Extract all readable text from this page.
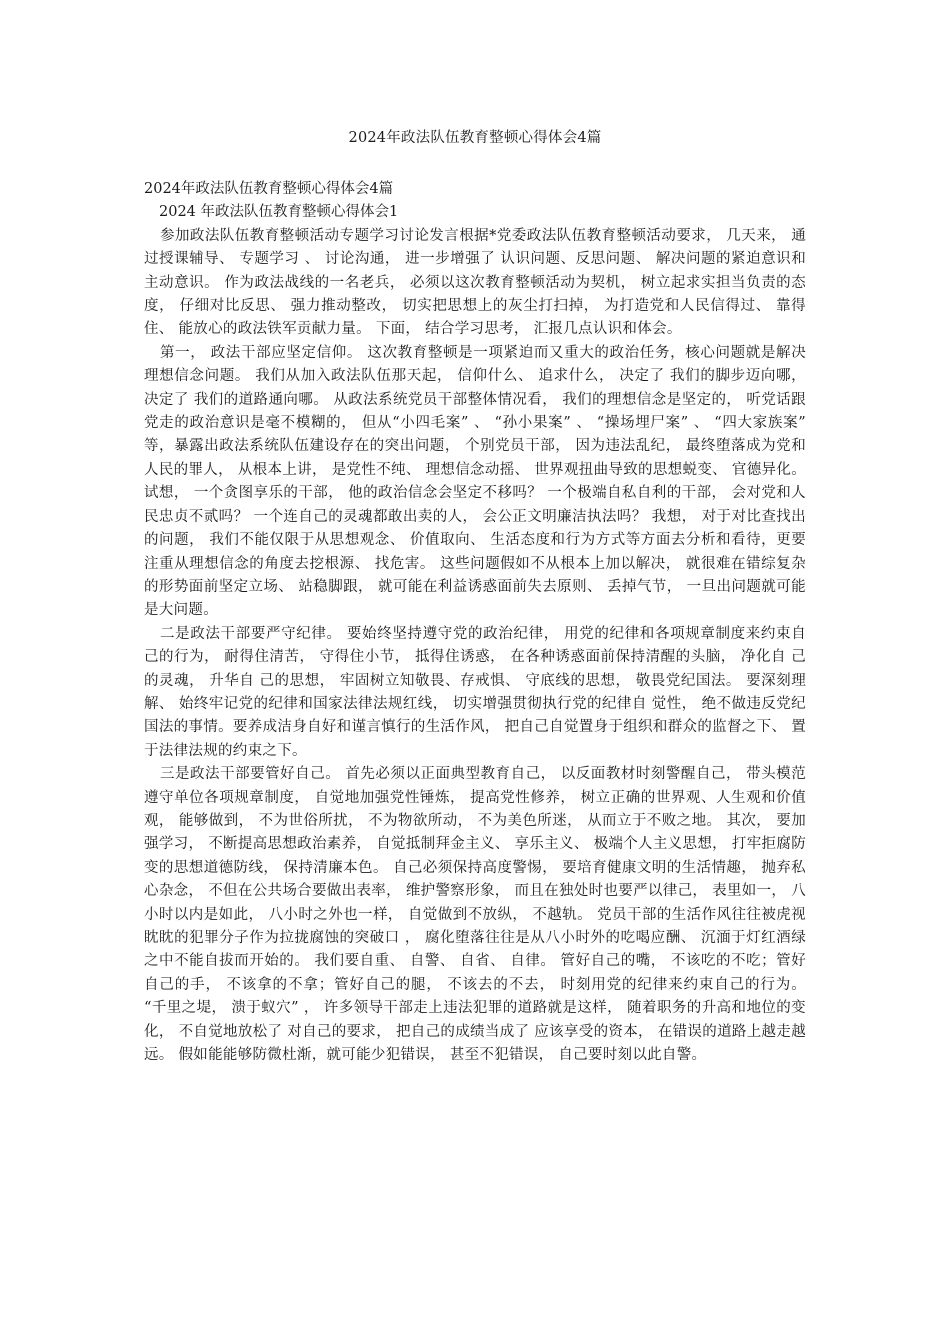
2024年政法队伍教育整顿心得体会4篇

2024年政法队伍教育整顿心得体会4篇

2024 年政法队伍教育整顿心得体会1

参加政法队伍教育整顿活动专题学习讨论发言根据*党委政法队伍教育整顿活动要求， 几天来， 通过授课辅导、 专题学习 、 讨论沟通， 进一步增强了 认识问题、反思问题、 解决问题的紧迫意识和主动意识。 作为政法战线的一名老兵， 必须以这次教育整顿活动为契机， 树立起求实担当负责的态度， 仔细对比反思、 强力推动整改， 切实把思想上的灰尘打扫掉， 为打造党和人民信得过、 靠得住、 能放心的政法铁军贡献力量。 下面， 结合学习思考， 汇报几点认识和体会。

第一， 政法干部应坚定信仰。 这次教育整顿是一项紧迫而又重大的政治任务，核心问题就是解决理想信念问题。 我们从加入政法队伍那天起， 信仰什么、 追求什么， 决定了 我们的脚步迈向哪， 决定了 我们的道路通向哪。 从政法系统党员干部整体情况看， 我们的理想信念是坚定的， 听党话跟党走的政治意识是毫不模糊的， 但从“小四毛案” 、 “孙小果案” 、 “操场埋尸案” 、 “四大家族案” 等，暴露出政法系统队伍建设存在的突出问题， 个别党员干部， 因为违法乱纪， 最终堕落成为党和人民的罪人， 从根本上讲， 是党性不纯、 理想信念动摇、 世界观扭曲导致的思想蜕变、 官德异化。 试想， 一个贪图享乐的干部， 他的政治信念会坚定不移吗？ 一个极端自私自利的干部， 会对党和人民忠贞不贰吗？ 一个连自己的灵魂都敢出卖的人， 会公正文明廉洁执法吗？ 我想， 对于对比查找出的问题， 我们不能仅限于从思想观念、 价值取向、 生活态度和行为方式等方面去分析和看待，更要注重从理想信念的角度去挖根源、 找危害。 这些问题假如不从根本上加以解决， 就很难在错综复杂的形势面前坚定立场、 站稳脚跟， 就可能在利益诱惑面前失去原则、 丢掉气节， 一旦出问题就可能是大问题。

二是政法干部要严守纪律。 要始终坚持遵守党的政治纪律， 用党的纪律和各项规章制度来约束自己的行为， 耐得住清苦， 守得住小节， 抵得住诱惑， 在各种诱惑面前保持清醒的头脑， 净化自 己的灵魂， 升华自 己的思想， 牢固树立知敬畏、存戒惧、 守底线的思想， 敬畏党纪国法。 要深刻理解、 始终牢记党的纪律和国家法律法规红线， 切实增强贯彻执行党的纪律自 觉性， 绝不做违反党纪国法的事情。要养成洁身自好和谨言慎行的生活作风， 把自己自觉置身于组织和群众的监督之下、 置于法律法规的约束之下。

三是政法干部要管好自己。 首先必须以正面典型教育自己， 以反面教材时刻警醒自己， 带头模范遵守单位各项规章制度， 自觉地加强党性锤炼， 提高党性修养， 树立正确的世界观、人生观和价值观， 能够做到， 不为世俗所扰， 不为物欲所动， 不为美色所迷， 从而立于不败之地。 其次， 要加强学习， 不断提高思想政治素养， 自觉抵制拜金主义、 享乐主义、 极端个人主义思想， 打牢拒腐防变的思想道德防线， 保持清廉本色。 自己必须保持高度警惕， 要培育健康文明的生活情趣， 抛弃私心杂念， 不但在公共场合要做出表率， 维护警察形象， 而且在独处时也要严以律己， 表里如一， 八小时以内是如此， 八小时之外也一样， 自觉做到不放纵， 不越轨。 党员干部的生活作风往往被虎视眈眈的犯罪分子作为拉拢腐蚀的突破口 ， 腐化堕落往往是从八小时外的吃喝应酬、 沉湎于灯红酒绿之中不能自拔而开始的。 我们要自重、 自警、 自省、 自律。 管好自己的嘴， 不该吃的不吃；管好自己的手， 不该拿的不拿；管好自己的腿， 不该去的不去， 时刻用党的纪律来约束自己的行为。 “千里之堤， 溃于蚁穴” ， 许多领导干部走上违法犯罪的道路就是这样， 随着职务的升高和地位的变化， 不自觉地放松了 对自己的要求， 把自己的成绩当成了 应该享受的资本， 在错误的道路上越走越远。 假如能能够防微杜渐，就可能少犯错误， 甚至不犯错误， 自己要时刻以此自警。
